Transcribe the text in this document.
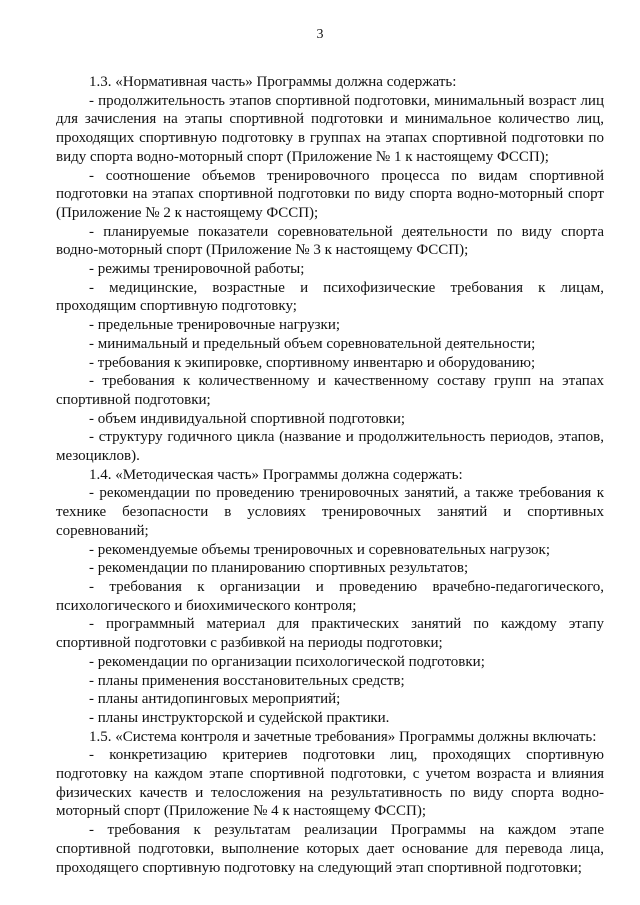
3

1.3. «Нормативная часть» Программы должна содержать:

- продолжительность этапов спортивной подготовки, минимальный возраст лиц для зачисления на этапы спортивной подготовки и минимальное количество лиц, проходящих спортивную подготовку в группах на этапах спортивной подготовки по виду спорта водно-моторный спорт (Приложение № 1 к настоящему ФССП);

- соотношение объемов тренировочного процесса по видам спортивной подготовки на этапах спортивной подготовки по виду спорта водно-моторный спорт (Приложение № 2 к настоящему ФССП);

- планируемые показатели соревновательной деятельности по виду спорта водно-моторный спорт (Приложение № 3 к настоящему ФССП);

- режимы тренировочной работы;

- медицинские, возрастные и психофизические требования к лицам, проходящим спортивную подготовку;

- предельные тренировочные нагрузки;

- минимальный и предельный объем соревновательной деятельности;

- требования к экипировке, спортивному инвентарю и оборудованию;

- требования к количественному и качественному составу групп на этапах спортивной подготовки;

- объем индивидуальной спортивной подготовки;

- структуру годичного цикла (название и продолжительность периодов, этапов, мезоциклов).

1.4. «Методическая часть» Программы должна содержать:

- рекомендации по проведению тренировочных занятий, а также требования к технике безопасности в условиях тренировочных занятий и спортивных соревнований;

- рекомендуемые объемы тренировочных и соревновательных нагрузок;

- рекомендации по планированию спортивных результатов;

- требования к организации и проведению врачебно-педагогического, психологического и биохимического контроля;

- программный материал для практических занятий по каждому этапу спортивной подготовки с разбивкой на периоды подготовки;

- рекомендации по организации психологической подготовки;

- планы применения восстановительных средств;

- планы антидопинговых мероприятий;

- планы инструкторской и судейской практики.

1.5. «Система контроля и зачетные требования» Программы должны включать:

- конкретизацию критериев подготовки лиц, проходящих спортивную подготовку на каждом этапе спортивной подготовки, с учетом возраста и влияния физических качеств и телосложения на результативность по виду спорта водно-моторный спорт (Приложение № 4 к настоящему ФССП);

- требования к результатам реализации Программы на каждом этапе спортивной подготовки, выполнение которых дает основание для перевода лица, проходящего спортивную подготовку на следующий этап спортивной подготовки;
